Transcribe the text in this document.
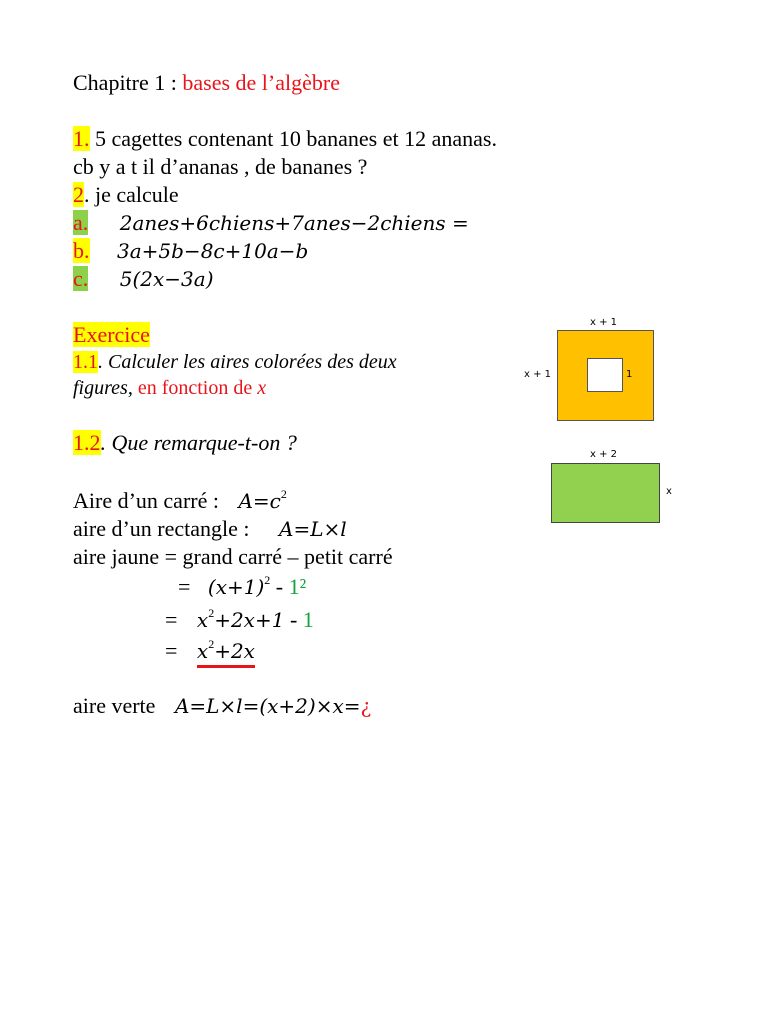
Chapitre 1 : bases de l’algèbre
1. 5 cagettes contenant 10 bananes et 12 ananas.
cb y a t il d’ananas , de bananes ?
2. je calcule
a. 2anes+6chiens+7anes−2chiens =
b. 3a+5b−8c+10a−b
c. 5(2x−3a)
Exercice
1.1. Calculer les aires colorées des deux
figures, en fonction de x
1.2. Que remarque-t-on ?
Aire d’un carré : $A=c^2$
aire d’un rectangle : A=L×l
aire jaune = grand carré – petit carré
= $(x+1)^2 - 1^2$
= $x^2+2x+1 - 1$
= $x^2+2x$
aire verte A=L×l=(x+2)×x=¿
x + 1
x + 1	1
x + 2
x
